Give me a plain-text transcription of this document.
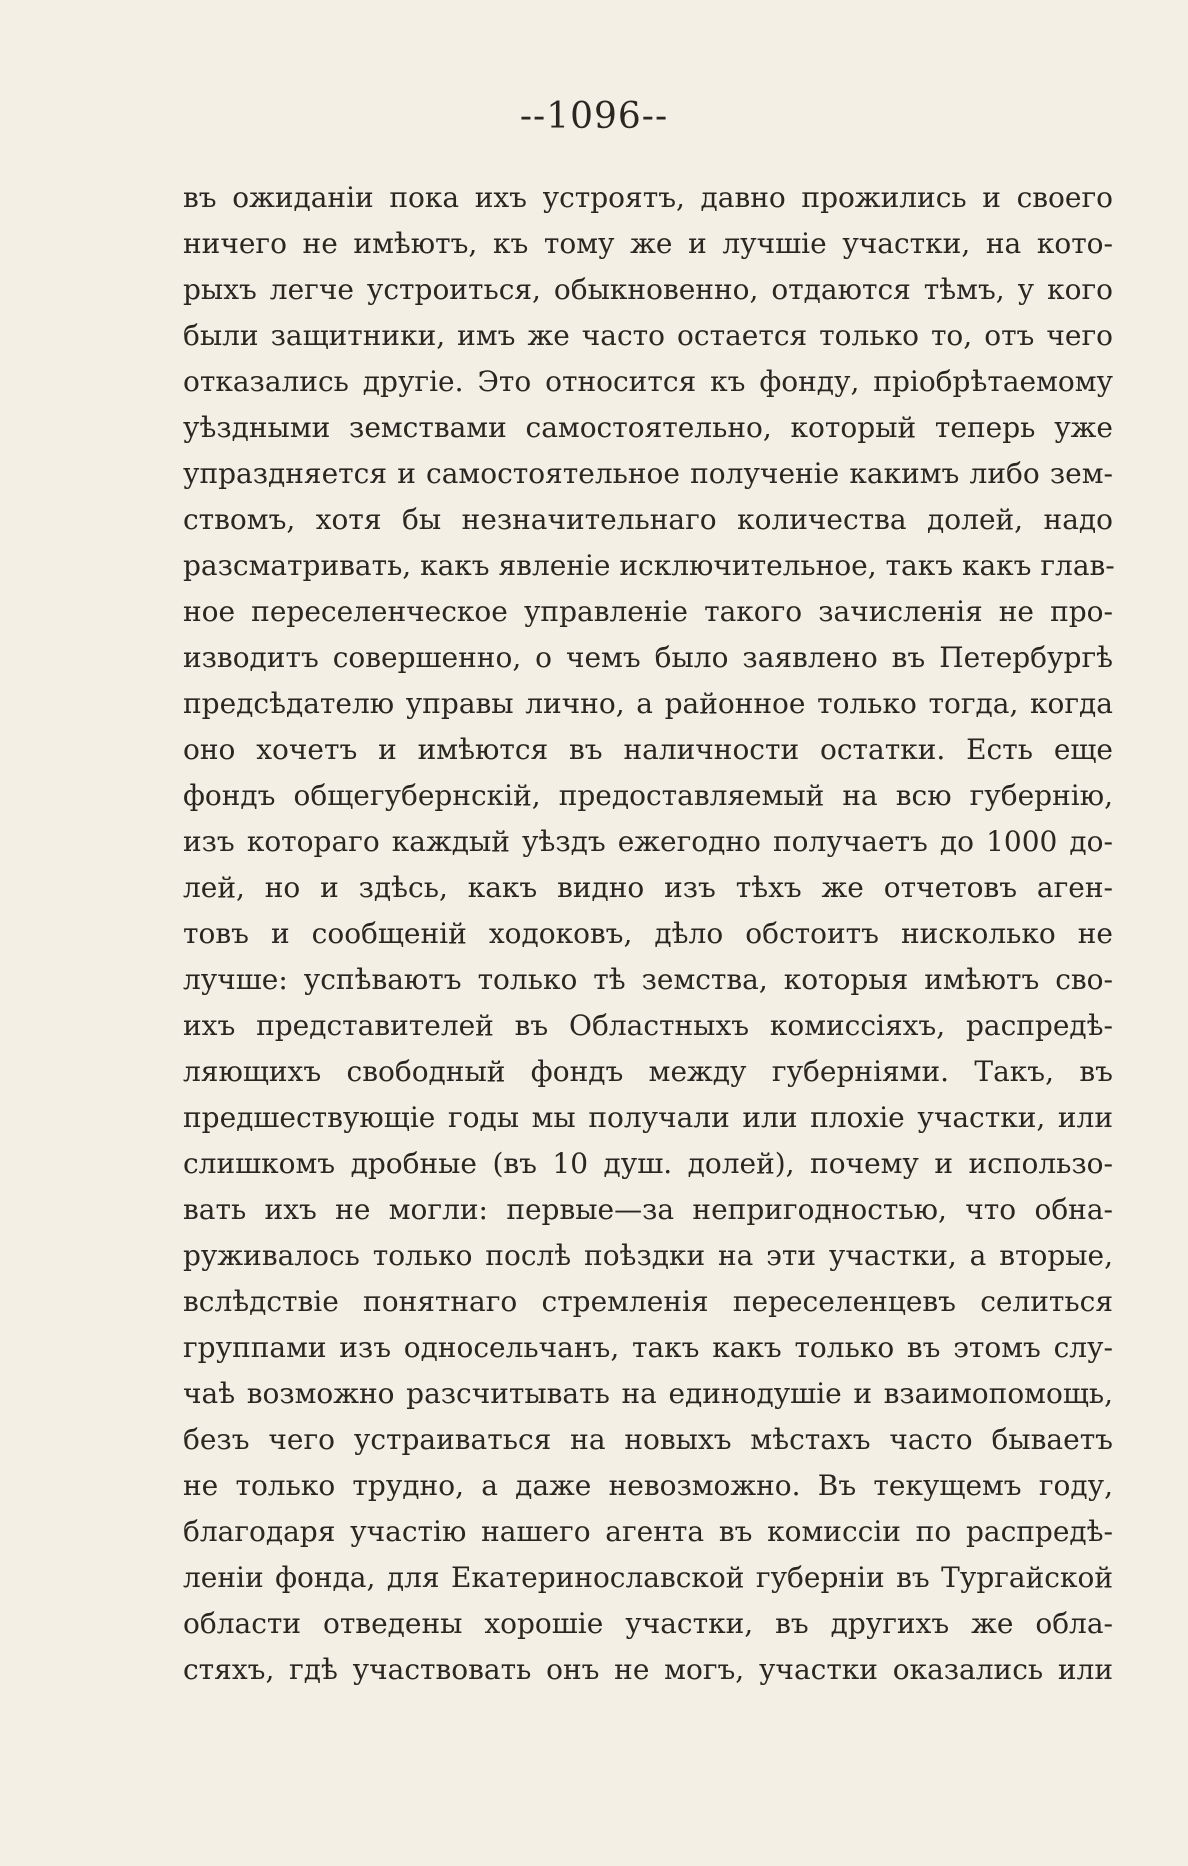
--1096--
въ ожиданіи пока ихъ устроятъ, давно прожились и своего
ничего не имѣютъ, къ тому же и лучшіе участки, на кото-
рыхъ легче устроиться, обыкновенно, отдаются тѣмъ, у кого
были защитники, имъ же часто остается только то, отъ чего
отказались другіе. Это относится къ фонду, пріобрѣтаемому
уѣздными земствами самостоятельно, который теперь уже
упраздняется и самостоятельное полученіе какимъ либо зем-
ствомъ, хотя бы незначительнаго количества долей, надо
разсматривать, какъ явленіе исключительное, такъ какъ глав-
ное переселенческое управленіе такого зачисленія не про-
изводитъ совершенно, о чемъ было заявлено въ Петербургѣ
предсѣдателю управы лично, а районное только тогда, когда
оно хочетъ и имѣются въ наличности остатки. Есть еще
фондъ общегубернскій, предоставляемый на всю губернію,
изъ котораго каждый уѣздъ ежегодно получаетъ до 1000 до-
лей, но и здѣсь, какъ видно изъ тѣхъ же отчетовъ аген-
товъ и сообщеній ходоковъ, дѣло обстоитъ нисколько не
лучше: успѣваютъ только тѣ земства, которыя имѣютъ сво-
ихъ представителей въ Областныхъ комиссіяхъ, распредѣ-
ляющихъ свободный фондъ между губерніями. Такъ, въ
предшествующіе годы мы получали или плохіе участки, или
слишкомъ дробные (въ 10 душ. долей), почему и использо-
вать ихъ не могли: первые—за непригодностью, что обна-
руживалось только послѣ поѣздки на эти участки, а вторые,
вслѣдствіе понятнаго стремленія переселенцевъ селиться
группами изъ односельчанъ, такъ какъ только въ этомъ слу-
чаѣ возможно разсчитывать на единодушіе и взаимопомощь,
безъ чего устраиваться на новыхъ мѣстахъ часто бываетъ
не только трудно, а даже невозможно. Въ текущемъ году,
благодаря участію нашего агента въ комиссіи по распредѣ-
леніи фонда, для Екатеринославской губерніи въ Тургайской
области отведены хорошіе участки, въ другихъ же обла-
стяхъ, гдѣ участвовать онъ не могъ, участки оказались или
